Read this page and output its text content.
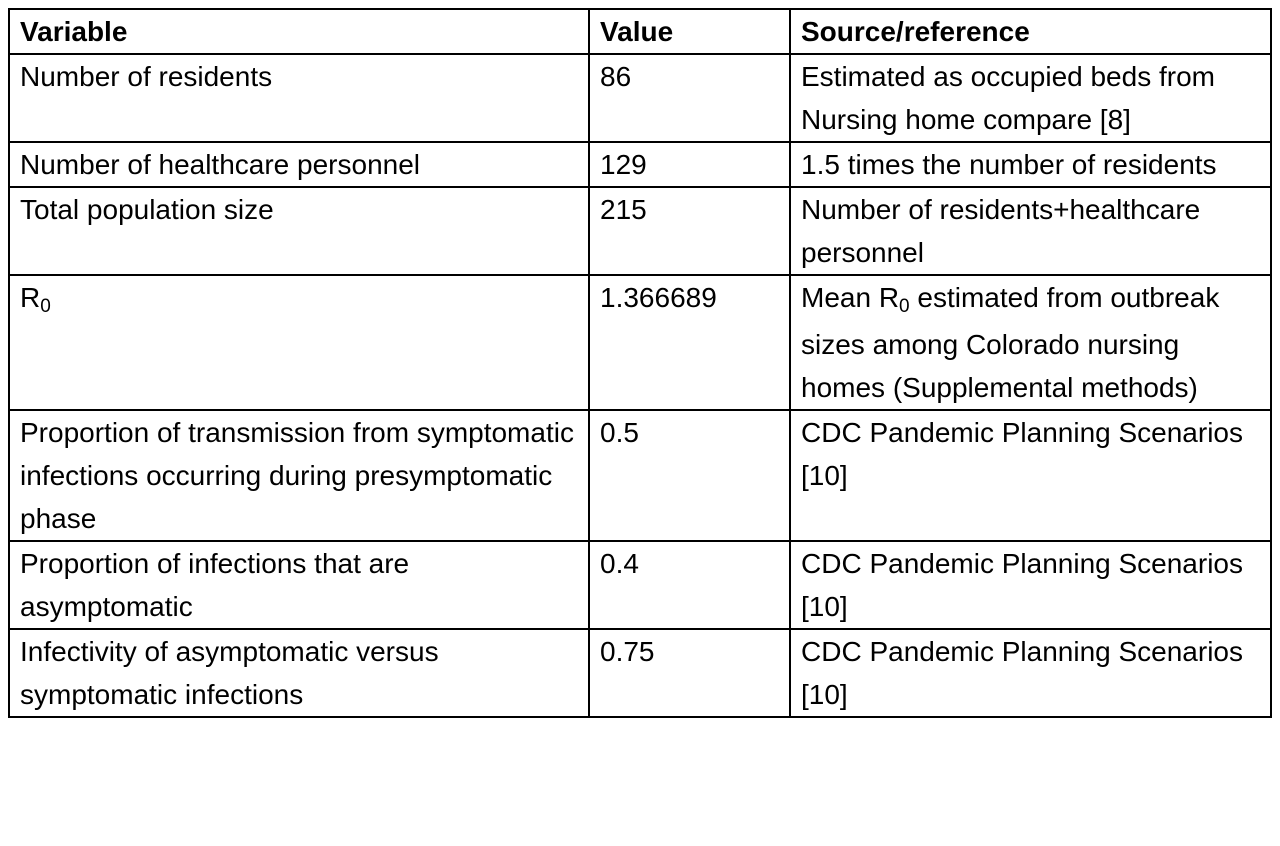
Variable	Value	Source/reference
Number of residents	86	Estimated as occupied beds from Nursing home compare [8]
Number of healthcare personnel	129	1.5 times the number of residents
Total population size	215	Number of residents+healthcare personnel
R0	1.366689	Mean R0 estimated from outbreak sizes among Colorado nursing homes (Supplemental methods)
Proportion of transmission from symptomatic infections occurring during presymptomatic phase	0.5	CDC Pandemic Planning Scenarios [10]
Proportion of infections that are asymptomatic	0.4	CDC Pandemic Planning Scenarios [10]
Infectivity of asymptomatic versus symptomatic infections	0.75	CDC Pandemic Planning Scenarios [10]
